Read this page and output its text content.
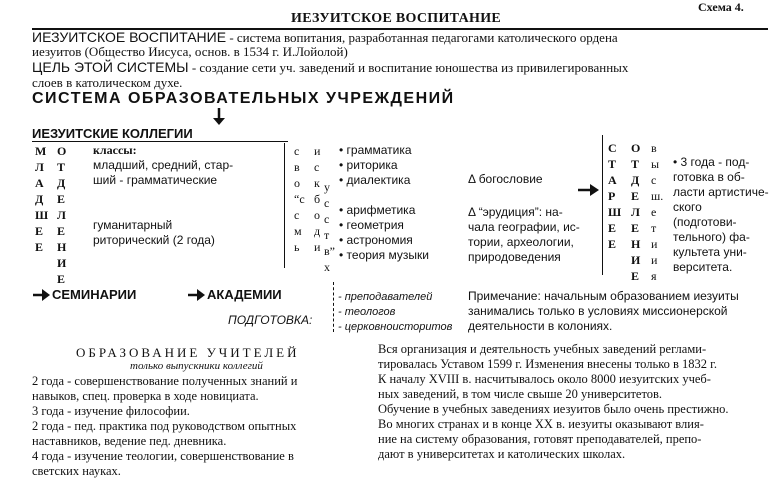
Схема 4.
ИЕЗУИТСКОЕ ВОСПИТАНИЕ
ИЕЗУИТСКОЕ ВОСПИТАНИЕ - система вопитания, разработанная педагогами католического ордена
иезуитов (Общество Иисуса, основ. в 1534 г. И.Лойолой)
ЦЕЛЬ ЭТОЙ СИСТЕМЫ - создание сети уч. заведений и воспитание юношества из привилегированных
слоев в католическом духе.
СИСТЕМА ОБРАЗОВАТЕЛЬНЫХ УЧРЕЖДЕНИЙ
ИЕЗУИТСКИЕ КОЛЛЕГИИ
М
Л
А
Д
Ш
Е
Е
О
Т
Д
Е
Л
Е
Н
И
Е
классы:
младший, средний, стар-
ший - грамматические
гуманитарный
риторический (2 года)
с
в
о
“с
с
м
ь
и
с
к
б
о
д
и
у
с
с
т
в”
х
• грамматика
• риторика
• диалектика
• арифметика
• геометрия
• астрономия
• теория музыки
Δ богословие
Δ “эрудиция”: на-
чала географии, ис-
тории, археологии,
природоведения
С
Т
А
Р
Ш
Е
Е
О
Т
Д
Е
Л
Е
Н
И
Е
в
ы
с
ш.
е
т
и
и
я
• 3 года - под-
готовка в об-
ласти артистиче-
ского
(подготови-
тельного) фа-
культета уни-
верситета.
СЕМИНАРИИ	АКАДЕМИИ
ПОДГОТОВКА:
- преподавателей
- теологов
- церковноисторитов
Примечание: начальным образованием иезуиты
занимались только в условиях миссионерской
деятельности в колониях.
ОБРАЗОВАНИЕ УЧИТЕЛЕЙ
только выпускники коллегий
2 года - совершенствование полученных знаний и
навыков, спец. проверка в ходе новициата.
3 года - изучение философии.
2 года - пед. практика под руководством опытных
наставников, ведение пед. дневника.
4 года - изучение теологии, совершенствование в
светских науках.
Вся организация и деятельность учебных заведений реглами-
тировалась Уставом 1599 г. Изменения внесены только в 1832 г.
К началу XVIII в. насчитывалось около 8000 иезуитских учеб-
ных заведений, в том числе свыше 20 университетов.
Обучение в учебных заведениях иезуитов было очень престижно.
Во многих странах и в конце XX в. иезуиты оказывают влия-
ние на систему образования, готовят преподавателей, препо-
дают в университетах и католических школах.
